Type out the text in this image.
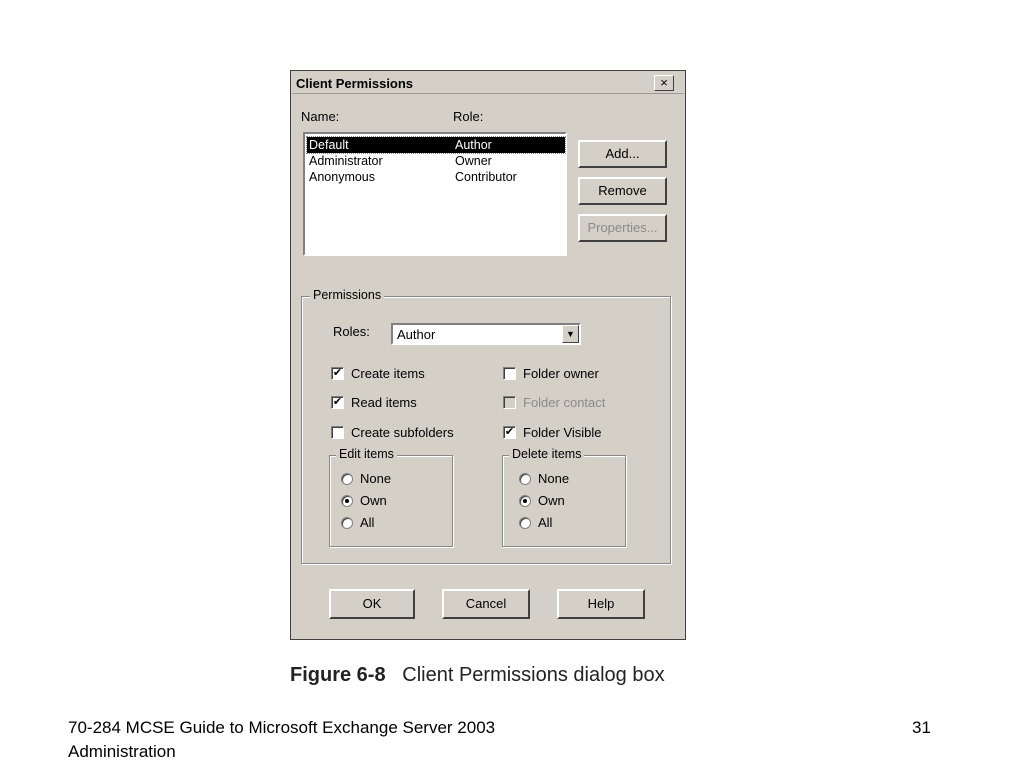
Client Permissions	×
Name:	Role:
Default	Author
Administrator	Owner
Anonymous	Contributor
Add...
Remove
Properties...
Permissions
Roles: Author	▼
✔ Create items	Folder owner
✔ Read items	Folder contact
Create subfolders	✔ Folder Visible
Edit items
None
Own
All
Delete items
None
Own
All
OK	Cancel	Help
Figure 6-8 Client Permissions dialog box
70-284 MCSE Guide to Microsoft Exchange Server 2003
Administration
31
